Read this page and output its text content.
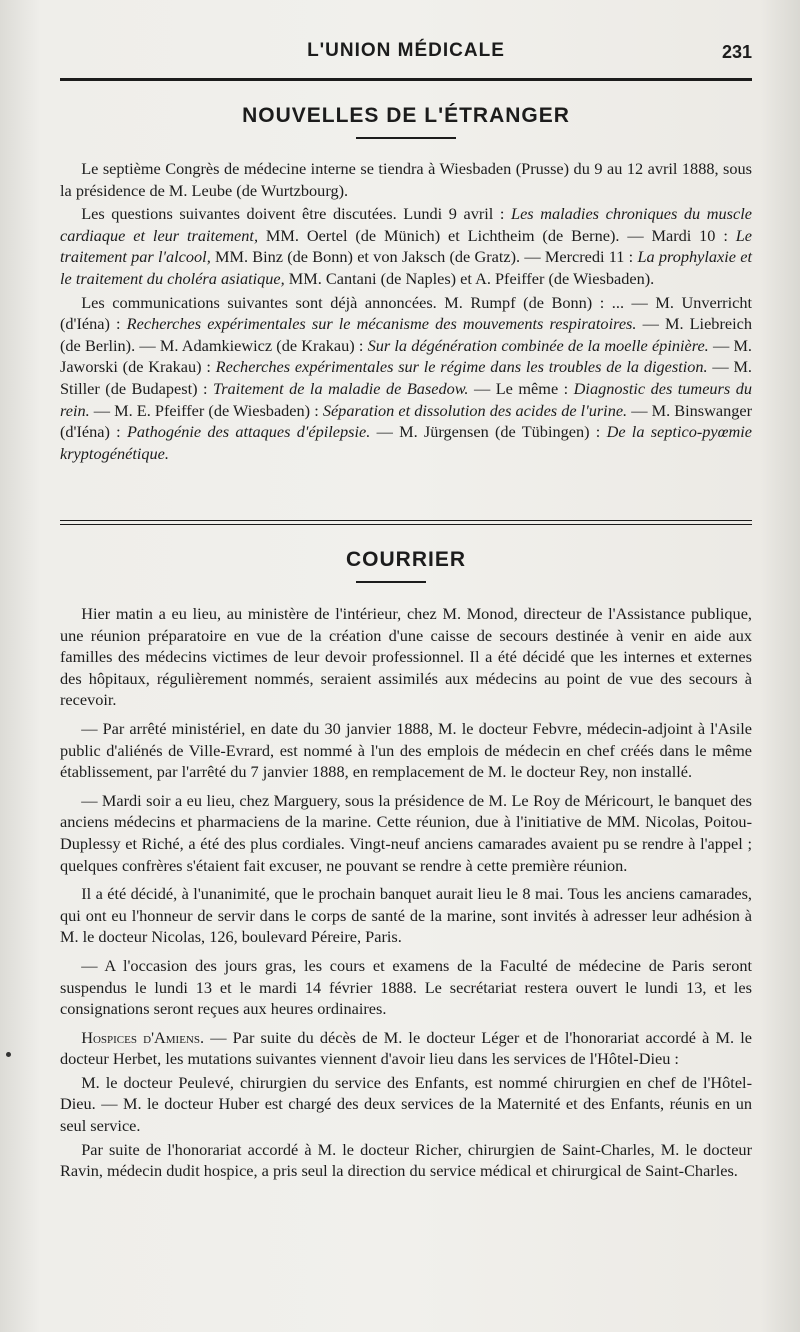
L'UNION MÉDICALE	231
NOUVELLES DE L'ÉTRANGER

Le septième Congrès de médecine interne se tiendra à Wiesbaden (Prusse) du 9 au 12 avril 1888, sous la présidence de M. Leube (de Wurtzbourg).

Les questions suivantes doivent être discutées. Lundi 9 avril : Les maladies chroniques du muscle cardiaque et leur traitement, MM. Oertel (de Münich) et Lichtheim (de Berne). — Mardi 10 : Le traitement par l'alcool, MM. Binz (de Bonn) et von Jaksch (de Gratz). — Mercredi 11 : La prophylaxie et le traitement du choléra asiatique, MM. Cantani (de Naples) et A. Pfeiffer (de Wiesbaden).

Les communications suivantes sont déjà annoncées. M. Rumpf (de Bonn) : ... — M. Unverricht (d'Iéna) : Recherches expérimentales sur le mécanisme des mouvements respiratoires. — M. Liebreich (de Berlin). — M. Adamkiewicz (de Krakau) : Sur la dégénération combinée de la moelle épinière. — M. Jaworski (de Krakau) : Recherches expérimentales sur le régime dans les troubles de la digestion. — M. Stiller (de Budapest) : Traitement de la maladie de Basedow. — Le même : Diagnostic des tumeurs du rein. — M. E. Pfeiffer (de Wiesbaden) : Séparation et dissolution des acides de l'urine. — M. Binswanger (d'Iéna) : Pathogénie des attaques d'épilepsie. — M. Jürgensen (de Tübingen) : De la septico-pyœmie kryptogénétique.

COURRIER

Hier matin a eu lieu, au ministère de l'intérieur, chez M. Monod, directeur de l'Assistance publique, une réunion préparatoire en vue de la création d'une caisse de secours destinée à venir en aide aux familles des médecins victimes de leur devoir professionnel. Il a été décidé que les internes et externes des hôpitaux, régulièrement nommés, seraient assimilés aux médecins au point de vue des secours à recevoir.

— Par arrêté ministériel, en date du 30 janvier 1888, M. le docteur Febvre, médecin-adjoint à l'Asile public d'aliénés de Ville-Evrard, est nommé à l'un des emplois de médecin en chef créés dans le même établissement, par l'arrêté du 7 janvier 1888, en remplacement de M. le docteur Rey, non installé.

— Mardi soir a eu lieu, chez Marguery, sous la présidence de M. Le Roy de Méricourt, le banquet des anciens médecins et pharmaciens de la marine. Cette réunion, due à l'initiative de MM. Nicolas, Poitou-Duplessy et Riché, a été des plus cordiales. Vingt-neuf anciens camarades avaient pu se rendre à l'appel ; quelques confrères s'étaient fait excuser, ne pouvant se rendre à cette première réunion.

Il a été décidé, à l'unanimité, que le prochain banquet aurait lieu le 8 mai. Tous les anciens camarades, qui ont eu l'honneur de servir dans le corps de santé de la marine, sont invités à adresser leur adhésion à M. le docteur Nicolas, 126, boulevard Péreire, Paris.

— A l'occasion des jours gras, les cours et examens de la Faculté de médecine de Paris seront suspendus le lundi 13 et le mardi 14 février 1888. Le secrétariat restera ouvert le lundi 13, et les consignations seront reçues aux heures ordinaires.

Hospices d'Amiens. — Par suite du décès de M. le docteur Léger et de l'honorariat accordé à M. le docteur Herbet, les mutations suivantes viennent d'avoir lieu dans les services de l'Hôtel-Dieu :

M. le docteur Peulevé, chirurgien du service des Enfants, est nommé chirurgien en chef de l'Hôtel-Dieu. — M. le docteur Huber est chargé des deux services de la Maternité et des Enfants, réunis en un seul service.

Par suite de l'honorariat accordé à M. le docteur Richer, chirurgien de Saint-Charles, M. le docteur Ravin, médecin dudit hospice, a pris seul la direction du service médical et chirurgical de Saint-Charles.
